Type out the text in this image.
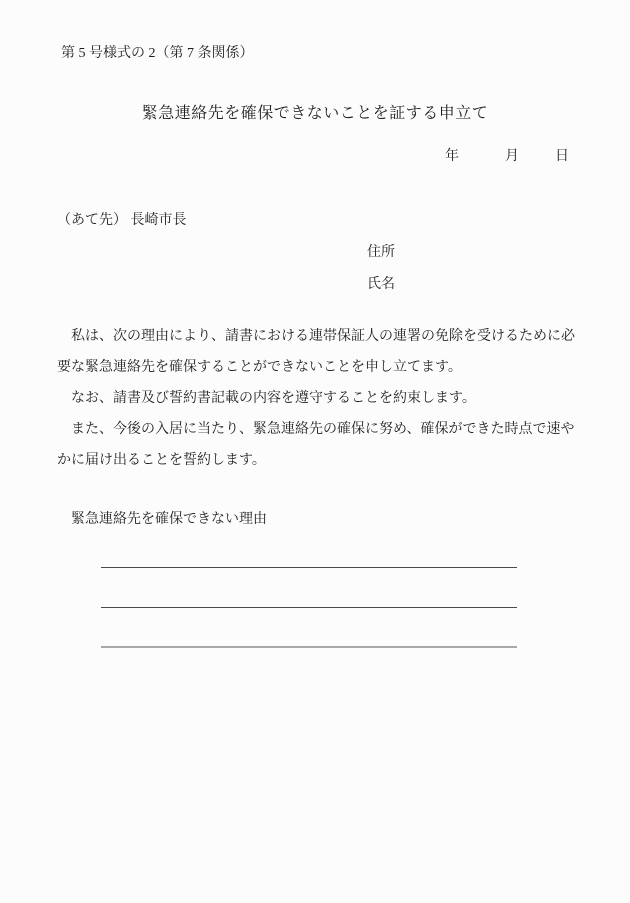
第 5 号様式の 2（第 7 条関係）
緊急連絡先を確保できないことを証する申立て
年	月	日
（あて先） 長崎市長
住所
氏名
　私は、次の理由により、請書における連帯保証人の連署の免除を受けるために必
要な緊急連絡先を確保することができないことを申し立てます。
　なお、請書及び誓約書記載の内容を遵守することを約束します。
　また、今後の入居に当たり、緊急連絡先の確保に努め、確保ができた時点で速や
かに届け出ることを誓約します。
緊急連絡先を確保できない理由
